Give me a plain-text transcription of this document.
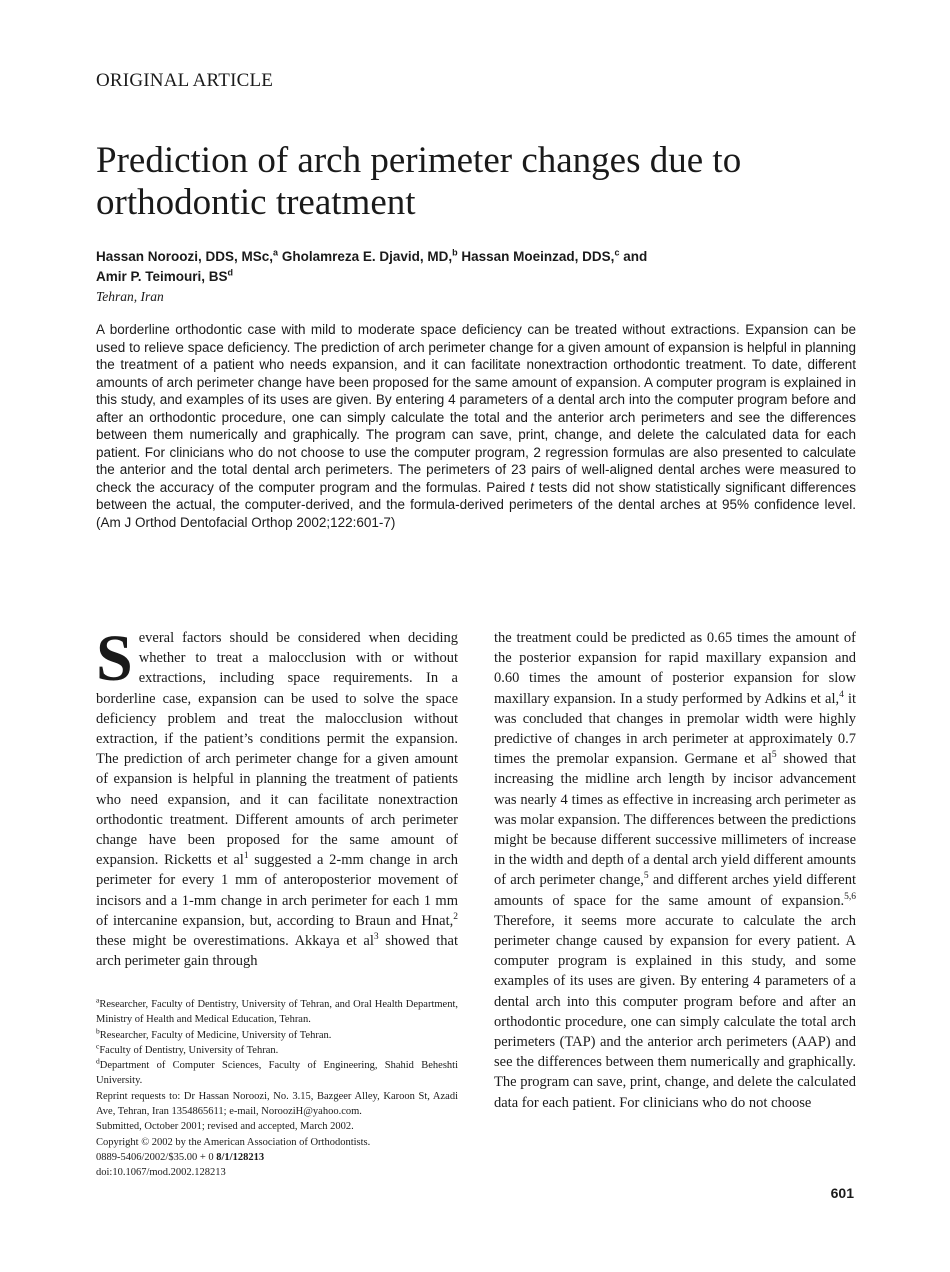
ORIGINAL ARTICLE
Prediction of arch perimeter changes due to orthodontic treatment
Hassan Noroozi, DDS, MSc,$^a$ Gholamreza E. Djavid, MD,$^b$ Hassan Moeinzad, DDS,$^c$ and
Amir P. Teimouri, $BS^d$
Tehran, Iran

A borderline orthodontic case with mild to moderate space deficiency can be treated without extractions. Expansion can be used to relieve space deficiency. The prediction of arch perimeter change for a given amount of expansion is helpful in planning the treatment of a patient who needs expansion, and it can facilitate nonextraction orthodontic treatment. To date, different amounts of arch perimeter change have been proposed for the same amount of expansion. A computer program is explained in this study, and examples of its uses are given. By entering 4 parameters of a dental arch into the computer program before and after an orthodontic procedure, one can simply calculate the total and the anterior arch perimeters and see the differences between them numerically and graphically. The program can save, print, change, and delete the calculated data for each patient. For clinicians who do not choose to use the computer program, 2 regression formulas are also presented to calculate the anterior and the total dental arch perimeters. The perimeters of 23 pairs of well-aligned dental arches were measured to check the accuracy of the computer program and the formulas. Paired t tests did not show statistically significant differences between the actual, the computer-derived, and the formula-derived perimeters of the dental arches at 95% confidence level. (Am J Orthod Dentofacial Orthop 2002;122:601-7)

Several factors should be considered when deciding whether to treat a malocclusion with or without extractions, including space requirements. In a borderline case, expansion can be used to solve the space deficiency problem and treat the malocclusion without extraction, if the patient’s conditions permit the expansion. The prediction of arch perimeter change for a given amount of expansion is helpful in planning the treatment of patients who need expansion, and it can facilitate nonextraction orthodontic treatment. Different amounts of arch perimeter change have been proposed for the same amount of expansion. Ricketts et $al^1$ suggested a 2-mm change in arch perimeter for every 1 mm of anteroposterior movement of incisors and a 1-mm change in arch perimeter for each 1 mm of intercanine expansion, but, according to Braun and Hnat,$^2$ these might be overestimations. Akkaya et $al^3$ showed that arch perimeter gain through

$^a$Researcher, Faculty of Dentistry, University of Tehran, and Oral Health Department, Ministry of Health and Medical Education, Tehran.
$^b$Researcher, Faculty of Medicine, University of Tehran.
$^c$Faculty of Dentistry, University of Tehran.
$^d$Department of Computer Sciences, Faculty of Engineering, Shahid Beheshti University.
Reprint requests to: Dr Hassan Noroozi, No. 3.15, Bazgeer Alley, Karoon St, Azadi Ave, Tehran, Iran 1354865611; e-mail, NorooziH@yahoo.com.
Submitted, October 2001; revised and accepted, March 2002.
Copyright © 2002 by the American Association of Orthodontists.
0889-5406/2002/$35.00 + 0 8/1/128213
doi:10.1067/mod.2002.128213

the treatment could be predicted as 0.65 times the amount of the posterior expansion for rapid maxillary expansion and 0.60 times the amount of posterior expansion for slow maxillary expansion. In a study performed by Adkins et al,$^4$ it was concluded that changes in premolar width were highly predictive of changes in arch perimeter at approximately 0.7 times the premolar expansion. Germane et $al^5$ showed that increasing the midline arch length by incisor advancement was nearly 4 times as effective in increasing arch perimeter as was molar expansion. The differences between the predictions might be because different successive millimeters of increase in the width and depth of a dental arch yield different amounts of arch perimeter change,$^5$ and different arches yield different amounts of space for the same amount of expansion.$^{5,6}$ Therefore, it seems more accurate to calculate the arch perimeter change caused by expansion for every patient. A computer program is explained in this study, and some examples of its uses are given. By entering 4 parameters of a dental arch into this computer program before and after an orthodontic procedure, one can simply calculate the total arch perimeters (TAP) and the anterior arch perimeters (AAP) and see the differences between them numerically and graphically. The program can save, print, change, and delete the calculated data for each patient. For clinicians who do not choose

601
